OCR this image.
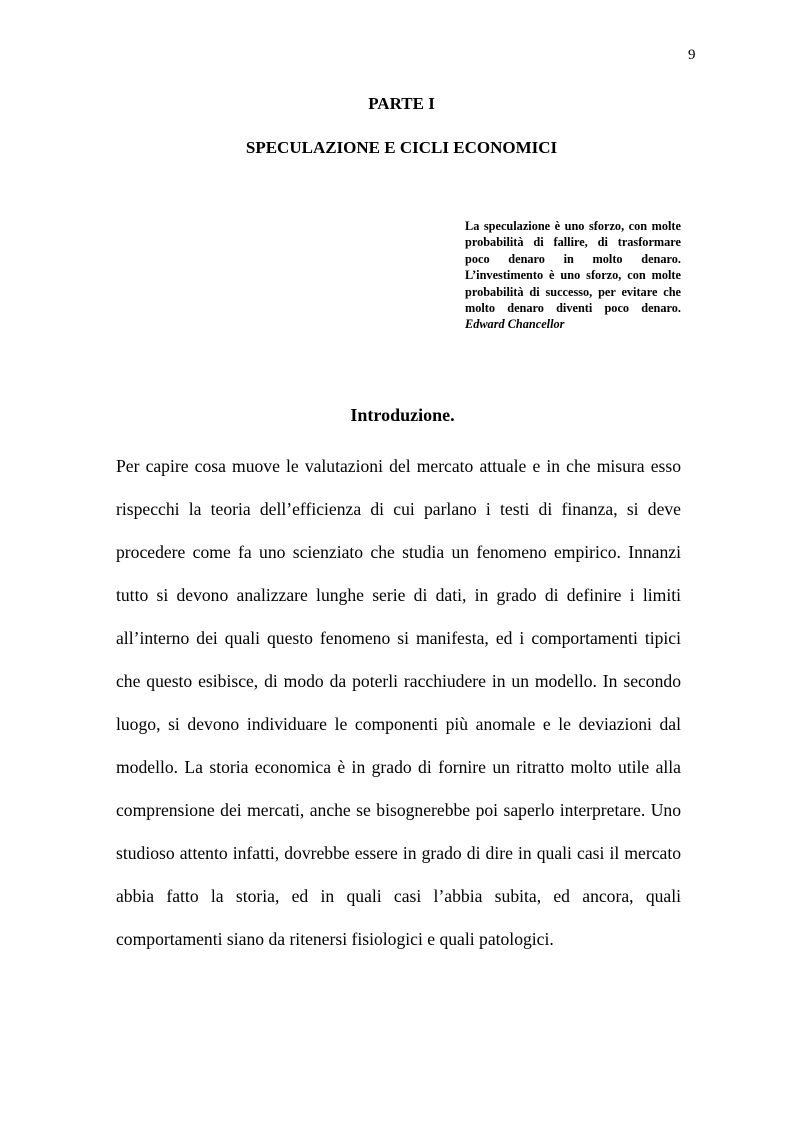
9
PARTE I
SPECULAZIONE E CICLI ECONOMICI
La speculazione è uno sforzo, con molte probabilità di fallire, di trasformare poco denaro in molto denaro. L’investimento è uno sforzo, con molte probabilità di successo, per evitare che molto denaro diventi poco denaro. Edward Chancellor
Introduzione.

Per capire cosa muove le valutazioni del mercato attuale e in che misura esso rispecchi la teoria dell’efficienza di cui parlano i testi di finanza, si deve procedere come fa uno scienziato che studia un fenomeno empirico. Innanzi tutto si devono analizzare lunghe serie di dati, in grado di definire i limiti all’interno dei quali questo fenomeno si manifesta, ed i comportamenti tipici che questo esibisce, di modo da poterli racchiudere in un modello. In secondo luogo, si devono individuare le componenti più anomale e le deviazioni dal modello. La storia economica è in grado di fornire un ritratto molto utile alla comprensione dei mercati, anche se bisognerebbe poi saperlo interpretare. Uno studioso attento infatti, dovrebbe essere in grado di dire in quali casi il mercato abbia fatto la storia, ed in quali casi l’abbia subita, ed ancora, quali comportamenti siano da ritenersi fisiologici e quali patologici.
